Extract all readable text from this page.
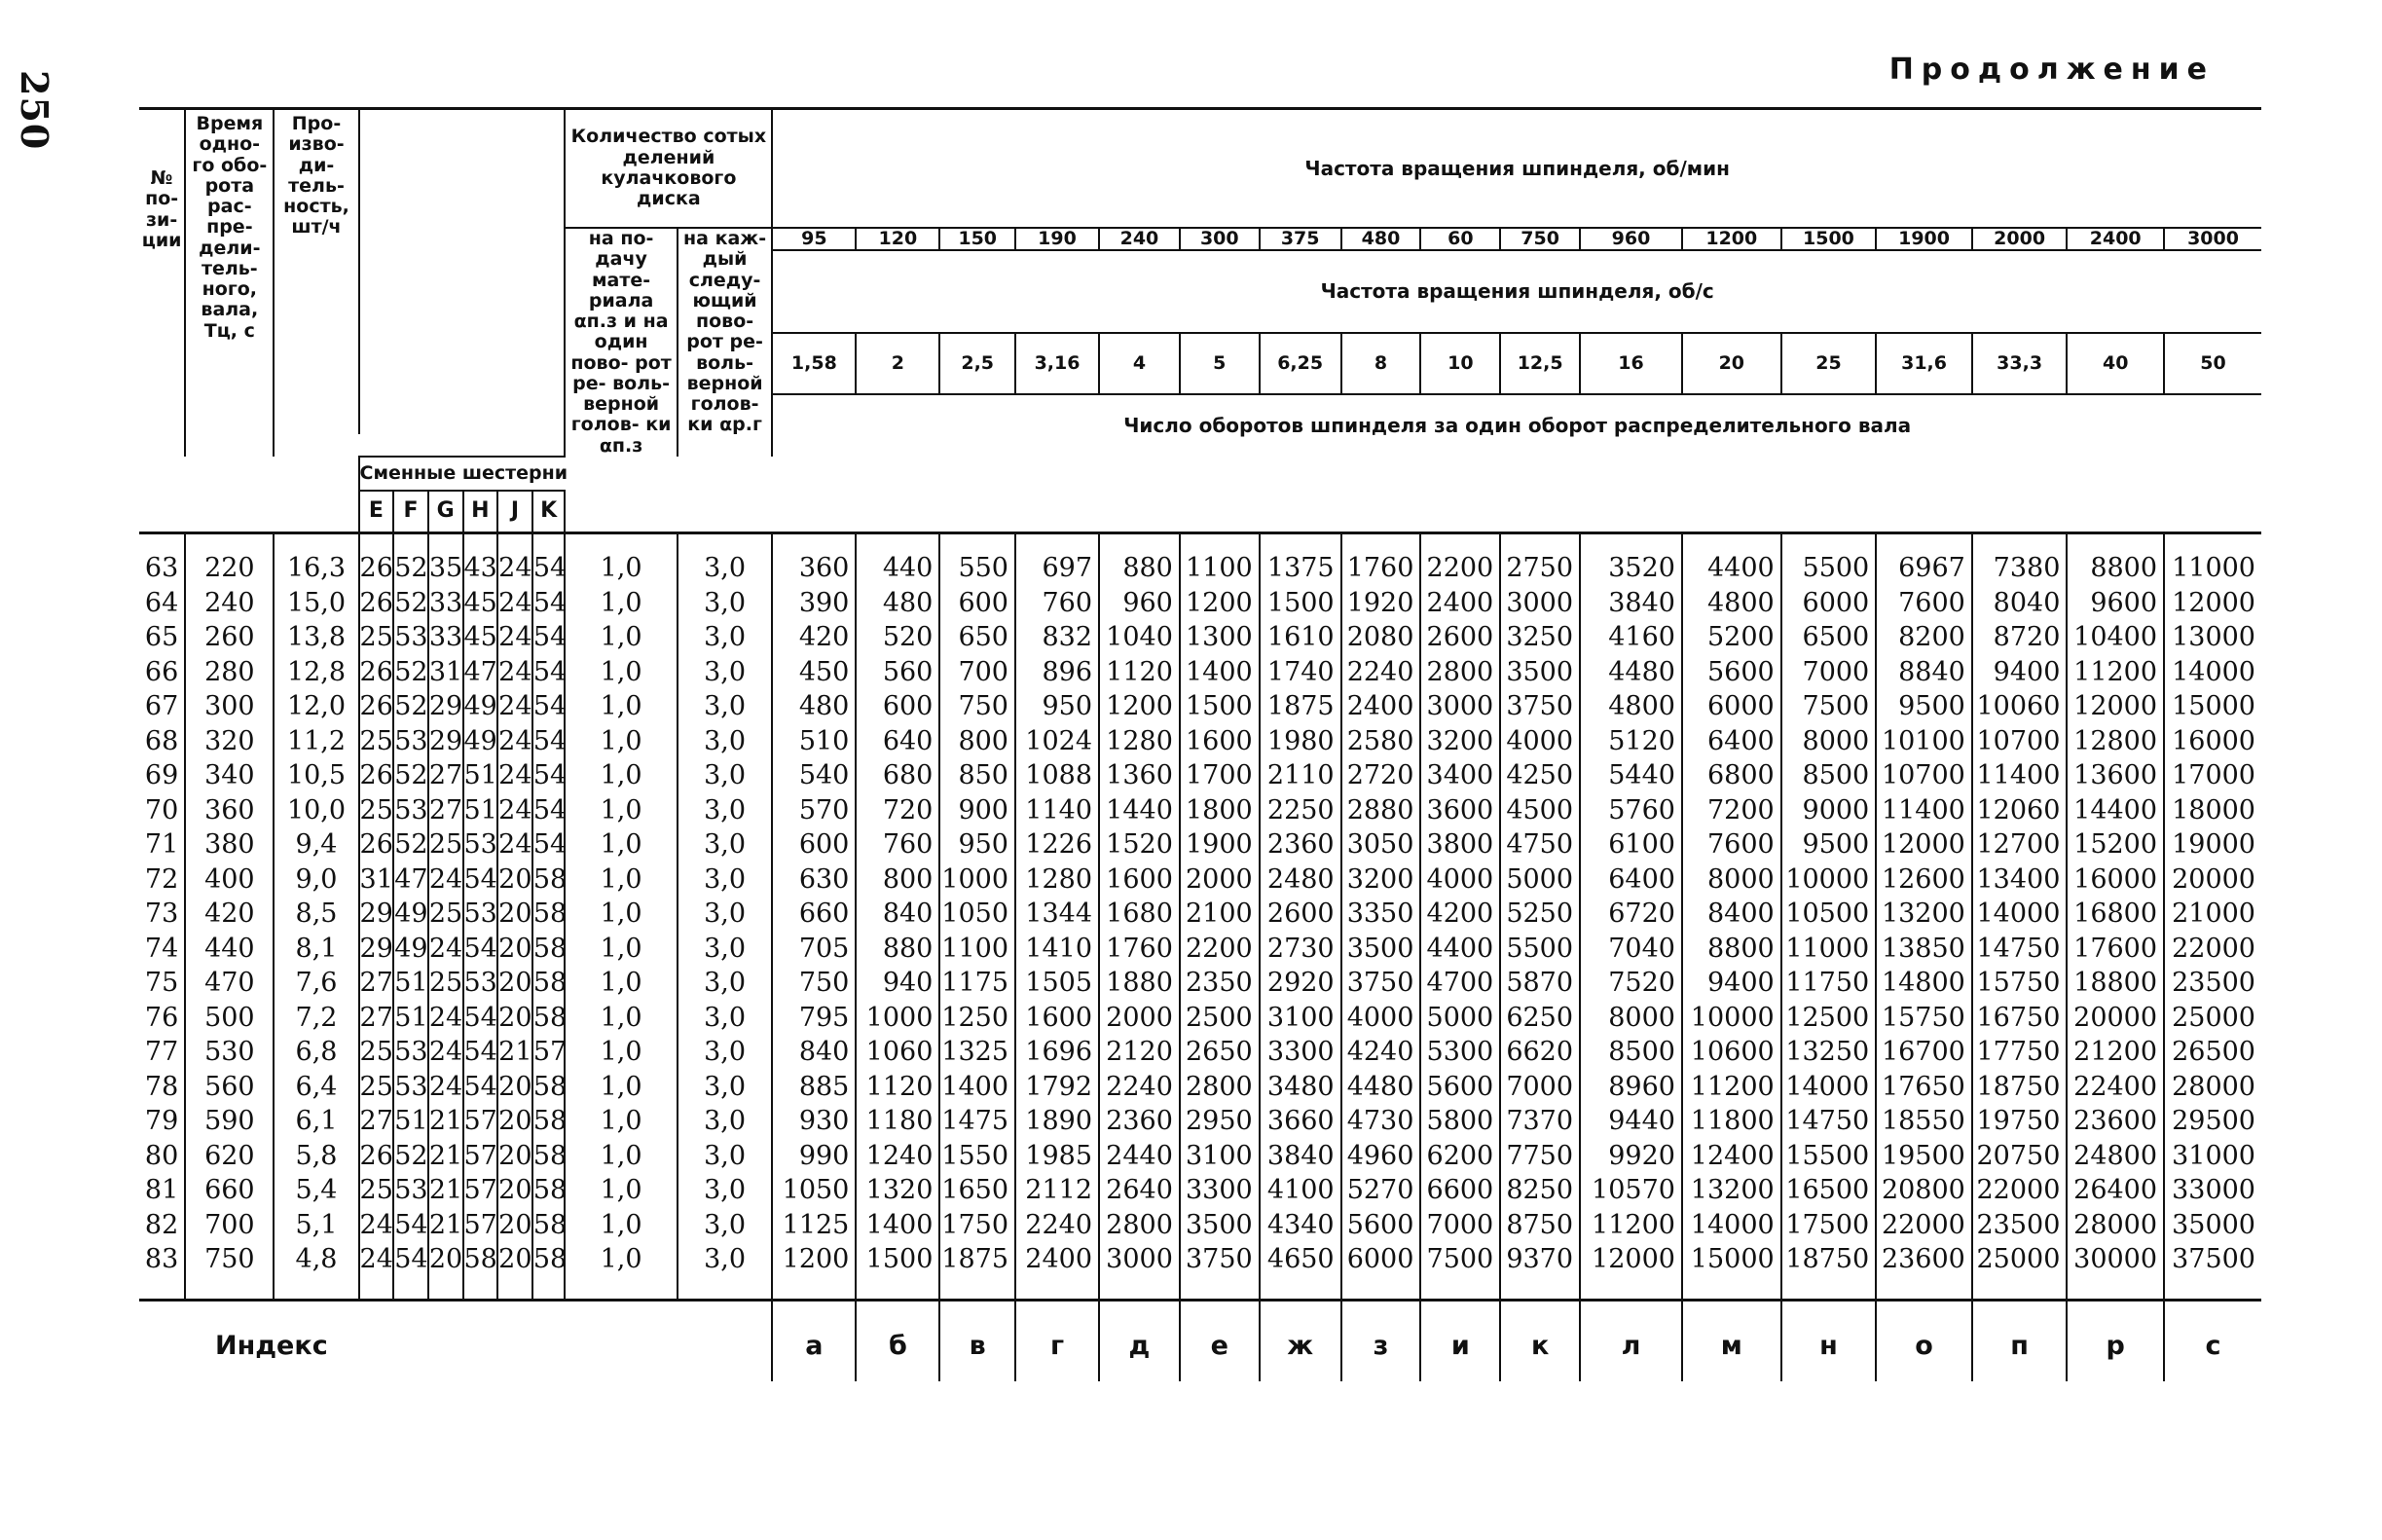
250
Продолжение
№ по- зи- ции	Время одно- го обо- рота рас- пре- дели- тель- ного, вала, Tц, с	Про- изво- ди- тель- ность, шт/ч							Количество сотых делений кулачкового диска		Частота вращения шпинделя, об/мин																
									на по- дачу мате- риала αп.з и на один пово- рот ре- воль- верной голов- ки αп.з	на каж- дый следу- ющий пово- рот ре- воль- верной голов- ки αр.г	95	120	150	190	240	300	375	480	60	750	960	1200	1500	1900	2000	2400	3000
											Частота вращения шпинделя, об/с																
											1,58	2	2,5	3,16	4	5	6,25	8	10	12,5	16	20	25	31,6	33,3	40	50
											Число оборотов шпинделя за один оборот распределительного вала																

			Сменные шестерни																								
			E	F	G	H	J	K																			
63	220	16,3	26	52	35	43	24	54	1,0	3,0	360	440	550	697	880	1100	1375	1760	2200	2750	3520	4400	5500	6967	7380	8800	11000
64	240	15,0	26	52	33	45	24	54	1,0	3,0	390	480	600	760	960	1200	1500	1920	2400	3000	3840	4800	6000	7600	8040	9600	12000
65	260	13,8	25	53	33	45	24	54	1,0	3,0	420	520	650	832	1040	1300	1610	2080	2600	3250	4160	5200	6500	8200	8720	10400	13000
66	280	12,8	26	52	31	47	24	54	1,0	3,0	450	560	700	896	1120	1400	1740	2240	2800	3500	4480	5600	7000	8840	9400	11200	14000
67	300	12,0	26	52	29	49	24	54	1,0	3,0	480	600	750	950	1200	1500	1875	2400	3000	3750	4800	6000	7500	9500	10060	12000	15000
68	320	11,2	25	53	29	49	24	54	1,0	3,0	510	640	800	1024	1280	1600	1980	2580	3200	4000	5120	6400	8000	10100	10700	12800	16000
69	340	10,5	26	52	27	51	24	54	1,0	3,0	540	680	850	1088	1360	1700	2110	2720	3400	4250	5440	6800	8500	10700	11400	13600	17000
70	360	10,0	25	53	27	51	24	54	1,0	3,0	570	720	900	1140	1440	1800	2250	2880	3600	4500	5760	7200	9000	11400	12060	14400	18000
71	380	9,4	26	52	25	53	24	54	1,0	3,0	600	760	950	1226	1520	1900	2360	3050	3800	4750	6100	7600	9500	12000	12700	15200	19000
72	400	9,0	31	47	24	54	20	58	1,0	3,0	630	800	1000	1280	1600	2000	2480	3200	4000	5000	6400	8000	10000	12600	13400	16000	20000
73	420	8,5	29	49	25	53	20	58	1,0	3,0	660	840	1050	1344	1680	2100	2600	3350	4200	5250	6720	8400	10500	13200	14000	16800	21000
74	440	8,1	29	49	24	54	20	58	1,0	3,0	705	880	1100	1410	1760	2200	2730	3500	4400	5500	7040	8800	11000	13850	14750	17600	22000
75	470	7,6	27	51	25	53	20	58	1,0	3,0	750	940	1175	1505	1880	2350	2920	3750	4700	5870	7520	9400	11750	14800	15750	18800	23500
76	500	7,2	27	51	24	54	20	58	1,0	3,0	795	1000	1250	1600	2000	2500	3100	4000	5000	6250	8000	10000	12500	15750	16750	20000	25000
77	530	6,8	25	53	24	54	21	57	1,0	3,0	840	1060	1325	1696	2120	2650	3300	4240	5300	6620	8500	10600	13250	16700	17750	21200	26500
78	560	6,4	25	53	24	54	20	58	1,0	3,0	885	1120	1400	1792	2240	2800	3480	4480	5600	7000	8960	11200	14000	17650	18750	22400	28000
79	590	6,1	27	51	21	57	20	58	1,0	3,0	930	1180	1475	1890	2360	2950	3660	4730	5800	7370	9440	11800	14750	18550	19750	23600	29500
80	620	5,8	26	52	21	57	20	58	1,0	3,0	990	1240	1550	1985	2440	3100	3840	4960	6200	7750	9920	12400	15500	19500	20750	24800	31000
81	660	5,4	25	53	21	57	20	58	1,0	3,0	1050	1320	1650	2112	2640	3300	4100	5270	6600	8250	10570	13200	16500	20800	22000	26400	33000
82	700	5,1	24	54	21	57	20	58	1,0	3,0	1125	1400	1750	2240	2800	3500	4340	5600	7000	8750	11200	14000	17500	22000	23500	28000	35000
83	750	4,8	24	54	20	58	20	58	1,0	3,0	1200	1500	1875	2400	3000	3750	4650	6000	7500	9370	12000	15000	18750	23600	25000	30000	37500

Индекс											а	б	в	г	д	е	ж	з	и	к	л	м	н	о	п	р	с
